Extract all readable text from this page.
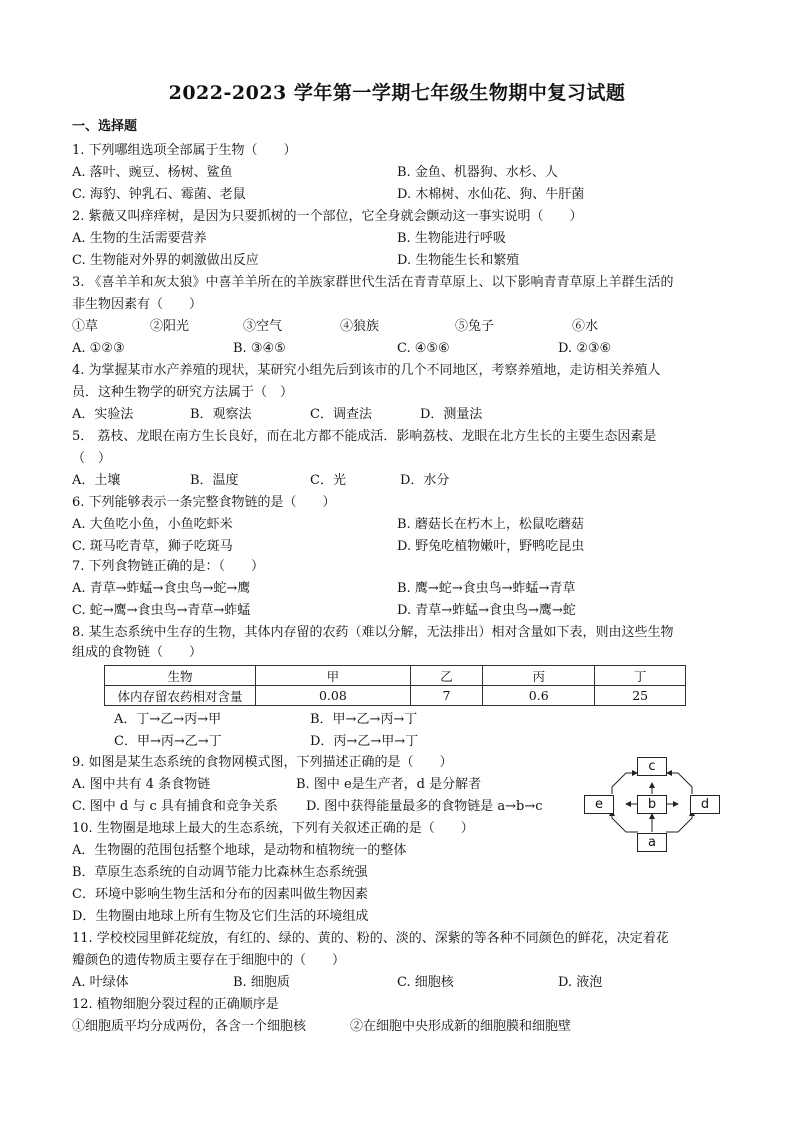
2022-2023 学年第一学期七年级生物期中复习试题
一、选择题
1. 下列哪组选项全部属于生物（　　）
A. 落叶、豌豆、杨树、鲨鱼	B. 金鱼、机器狗、水杉、人
C. 海豹、钟乳石、霉菌、老鼠	D. 木棉树、水仙花、狗、牛肝菌
2. 紫薇又叫痒痒树，是因为只要抓树的一个部位，它全身就会颤动这一事实说明（　　）
A. 生物的生活需要营养	B. 生物能进行呼吸
C. 生物能对外界的刺激做出反应	D. 生物能生长和繁殖
3. 《喜羊羊和灰太狼》中喜羊羊所在的羊族家群世代生活在青青草原上、以下影响青青草原上羊群生活的
非生物因素有（　　）
①草	②阳光	③空气	④狼族	⑤兔子	⑥水
A. ①②③	B. ③④⑤	C. ④⑤⑥	D. ②③⑥
4. 为掌握某市水产养殖的现状，某研究小组先后到该市的几个不同地区，考察养殖地，走访相关养殖人
员．这种生物学的研究方法属于（　）
A．实验法	B．观察法	C．调查法	D．测量法
5． 荔枝、龙眼在南方生长良好，而在北方都不能成活．影响荔枝、龙眼在北方生长的主要生态因素是
（　）
A．土壤	B．温度	C．光	D．水分
6. 下列能够表示一条完整食物链的是（　　）
A. 大鱼吃小鱼，小鱼吃虾米	B. 蘑菇长在朽木上，松鼠吃蘑菇
C. 斑马吃青草，狮子吃斑马	D. 野兔吃植物嫩叶，野鸭吃昆虫
7. 下列食物链正确的是：（　　）
A. 青草→蚱蜢→食虫鸟→蛇→鹰	B. 鹰→蛇→食虫鸟→蚱蜢→青草
C. 蛇→鹰→食虫鸟→青草→蚱蜢	D. 青草→蚱蜢→食虫鸟→鹰→蛇
8. 某生态系统中生存的生物，其体内存留的农药（难以分解，无法排出）相对含量如下表，则由这些生物
组成的食物链（　　）
生物	甲	乙	丙	丁
体内存留农药相对含量	0.08	7	0.6	25
A．丁→乙→丙→甲	B．甲→乙→丙→丁
C．甲→丙→乙→丁	D．丙→乙→甲→丁
9. 如图是某生态系统的食物网模式图，下列描述正确的是（　　）
A. 图中共有 4 条食物链	B. 图中 e是生产者，d 是分解者
C. 图中 d 与 c 具有捕食和竞争关系 D. 图中获得能量最多的食物链是 a→b→c
c
b
e	d
a
10. 生物圈是地球上最大的生态系统，下列有关叙述正确的是（　　）
A．生物圈的范围包括整个地球，是动物和植物统一的整体
B．草原生态系统的自动调节能力比森林生态系统强
C．环境中影响生物生活和分布的因素叫做生物因素
D．生物圈由地球上所有生物及它们生活的环境组成
11. 学校校园里鲜花绽放，有红的、绿的、黄的、粉的、淡的、深紫的等各种不同颜色的鲜花，决定着花
瓣颜色的遗传物质主要存在于细胞中的（　　）
A. 叶绿体	B. 细胞质	C. 细胞核	D. 液泡
12. 植物细胞分裂过程的正确顺序是
①细胞质平均分成两份，各含一个细胞核	②在细胞中央形成新的细胞膜和细胞壁
